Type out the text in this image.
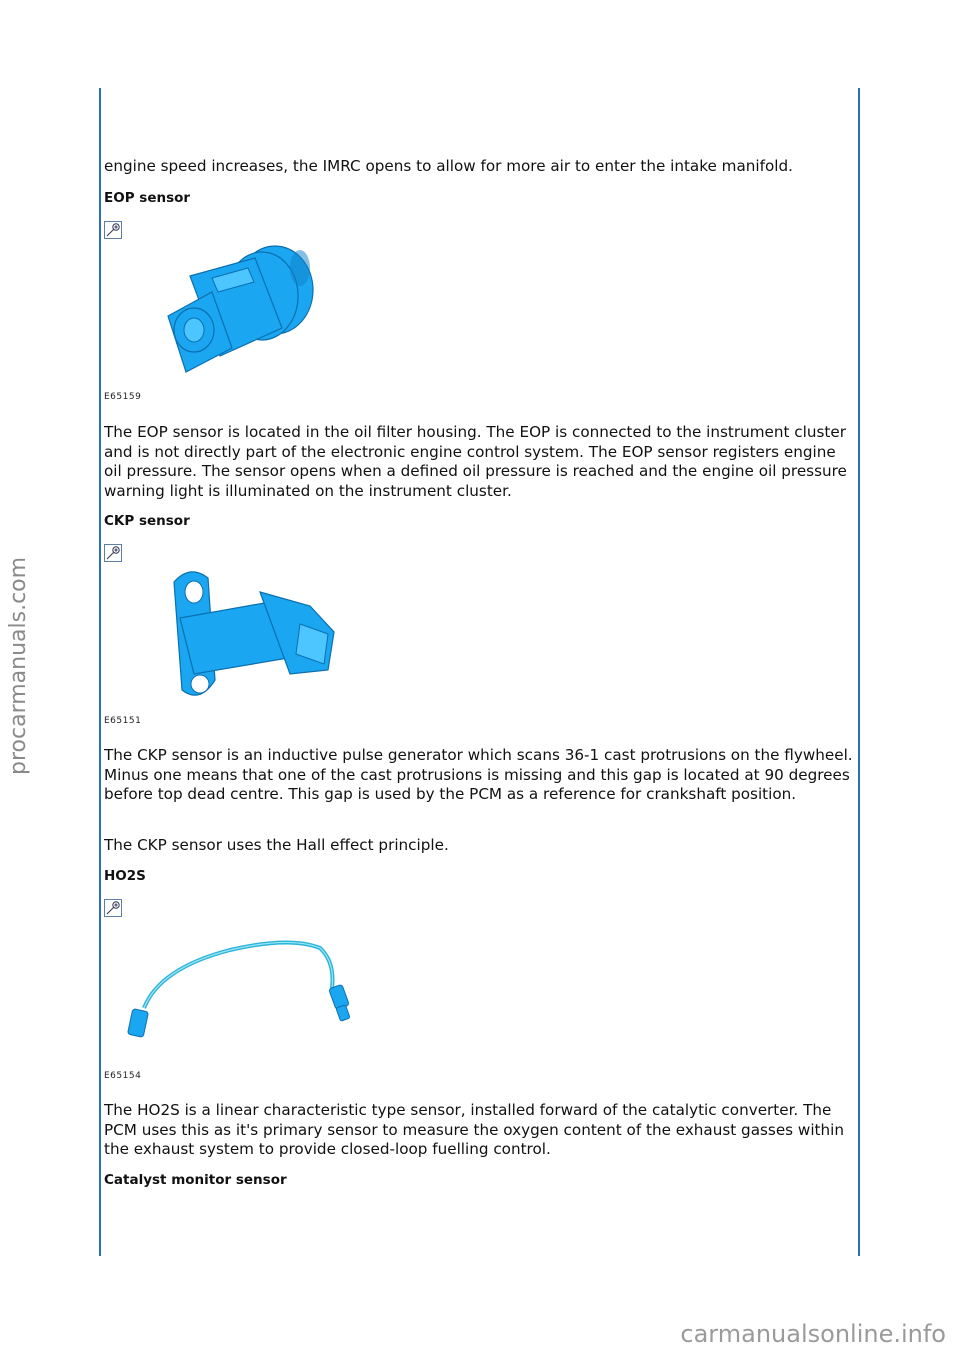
procarmanuals.com

engine speed increases, the IMRC opens to allow for more air to enter the intake manifold.

EOP sensor
E65159

The EOP sensor is located in the oil filter housing. The EOP is connected to the instrument cluster and is not directly part of the electronic engine control system. The EOP sensor registers engine oil pressure. The sensor opens when a defined oil pressure is reached and the engine oil pressure warning light is illuminated on the instrument cluster.

CKP sensor
E65151

The CKP sensor is an inductive pulse generator which scans 36-1 cast protrusions on the flywheel. Minus one means that one of the cast protrusions is missing and this gap is located at 90 degrees before top dead centre. This gap is used by the PCM as a reference for crankshaft position.

The CKP sensor uses the Hall effect principle.

HO2S
E65154

The HO2S is a linear characteristic type sensor, installed forward of the catalytic converter. The PCM uses this as it's primary sensor to measure the oxygen content of the exhaust gasses within the exhaust system to provide closed-loop fuelling control.

Catalyst monitor sensor
carmanualsonline.info
